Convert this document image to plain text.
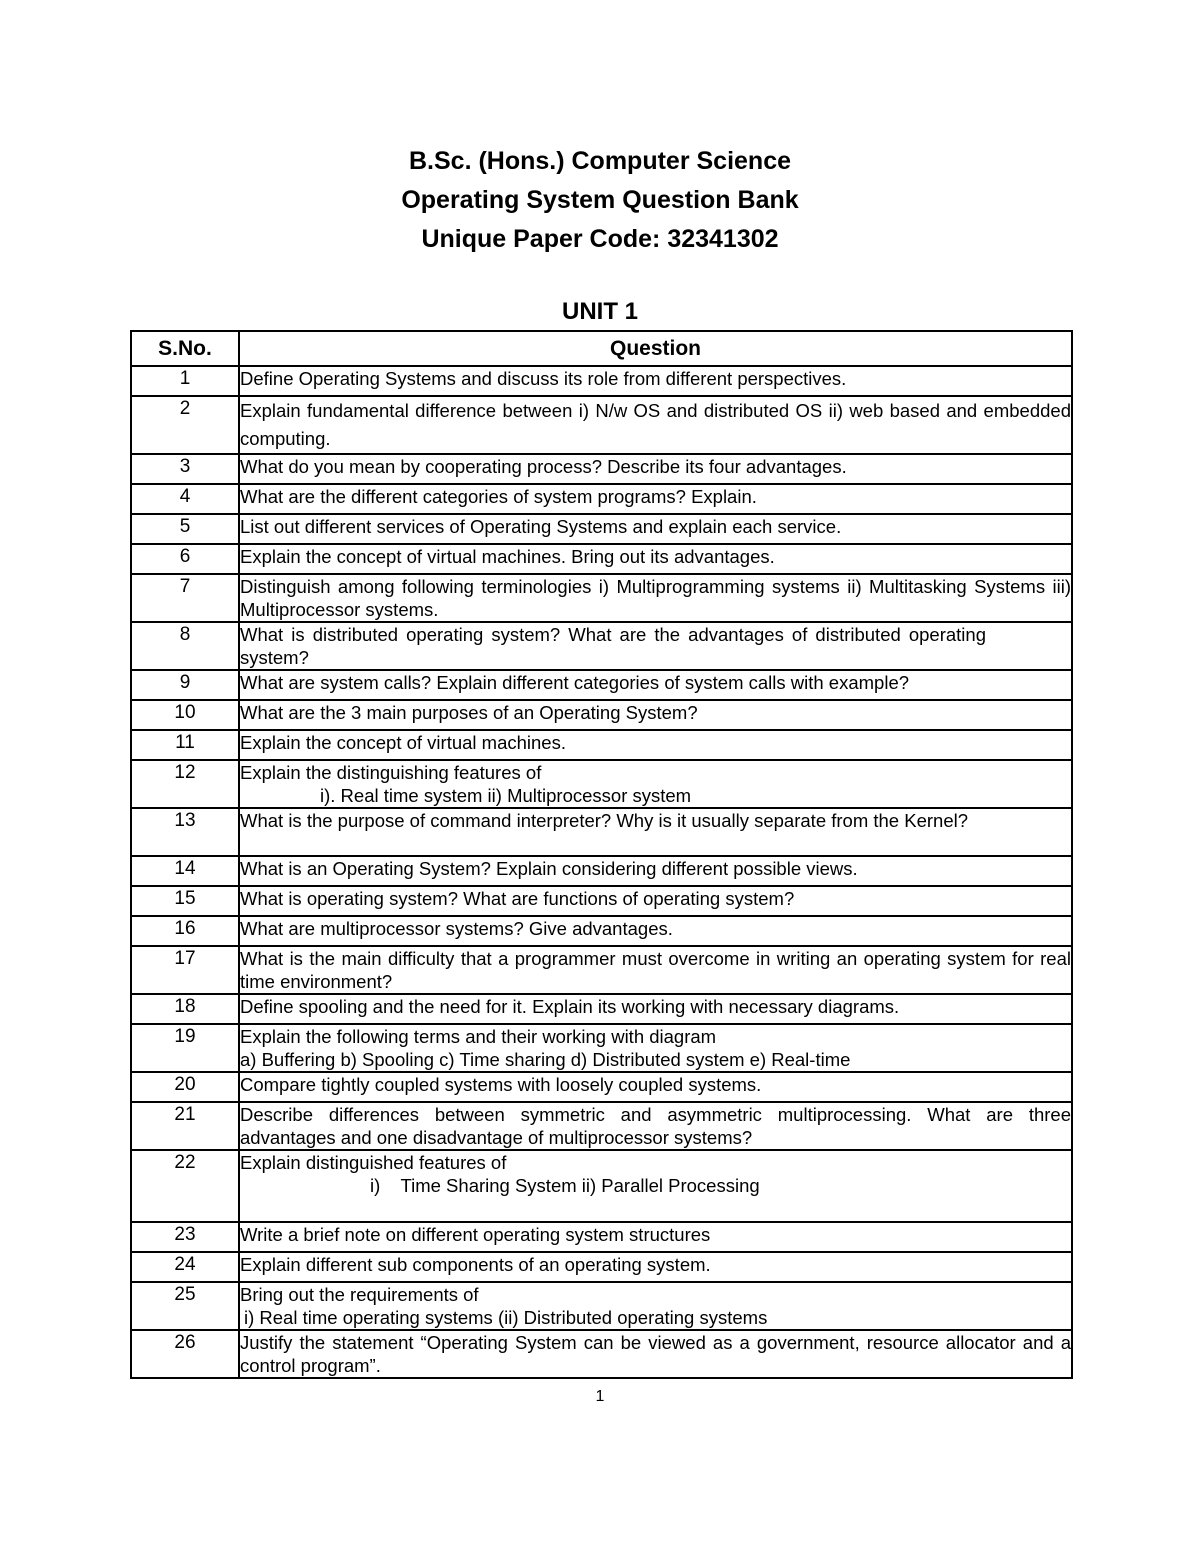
B.Sc. (Hons.) Computer Science
Operating System Question Bank
Unique Paper Code: 32341302
UNIT 1
S.No.	Question
1	Define Operating Systems and discuss its role from different perspectives.
2	Explain fundamental difference between i) N/w OS and distributed OS ii) web based and embedded computing.
3	What do you mean by cooperating process? Describe its four advantages.
4	What are the different categories of system programs? Explain.
5	List out different services of Operating Systems and explain each service.
6	Explain the concept of virtual machines. Bring out its advantages.
7	Distinguish among following terminologies i) Multiprogramming systems ii) Multitasking Systems iii) Multiprocessor systems.
8	What is distributed operating system? What are the advantages of distributed operating system?
9	What are system calls? Explain different categories of system calls with example?
10	What are the 3 main purposes of an Operating System?
11	Explain the concept of virtual machines.
12	Explain the distinguishing features of
i). Real time system ii) Multiprocessor system

13	What is the purpose of command interpreter? Why is it usually separate from the Kernel?
14	What is an Operating System? Explain considering different possible views.
15	What is operating system? What are functions of operating system?
16	What are multiprocessor systems? Give advantages.
17	What is the main difficulty that a programmer must overcome in writing an operating system for real time environment?
18	Define spooling and the need for it. Explain its working with necessary diagrams.
19	Explain the following terms and their working with diagram
a) Buffering b) Spooling c) Time sharing d) Distributed system e) Real-time

20	Compare tightly coupled systems with loosely coupled systems.
21	Describe differences between symmetric and asymmetric multiprocessing. What are three advantages and one disadvantage of multiprocessor systems?
22	Explain distinguished features of
i)    Time Sharing System ii) Parallel Processing

23	Write a brief note on different operating system structures
24	Explain different sub components of an operating system.
25	Bring out the requirements of
i) Real time operating systems (ii) Distributed operating systems

26	Justify the statement “Operating System can be viewed as a government, resource allocator and a control program”.
1
